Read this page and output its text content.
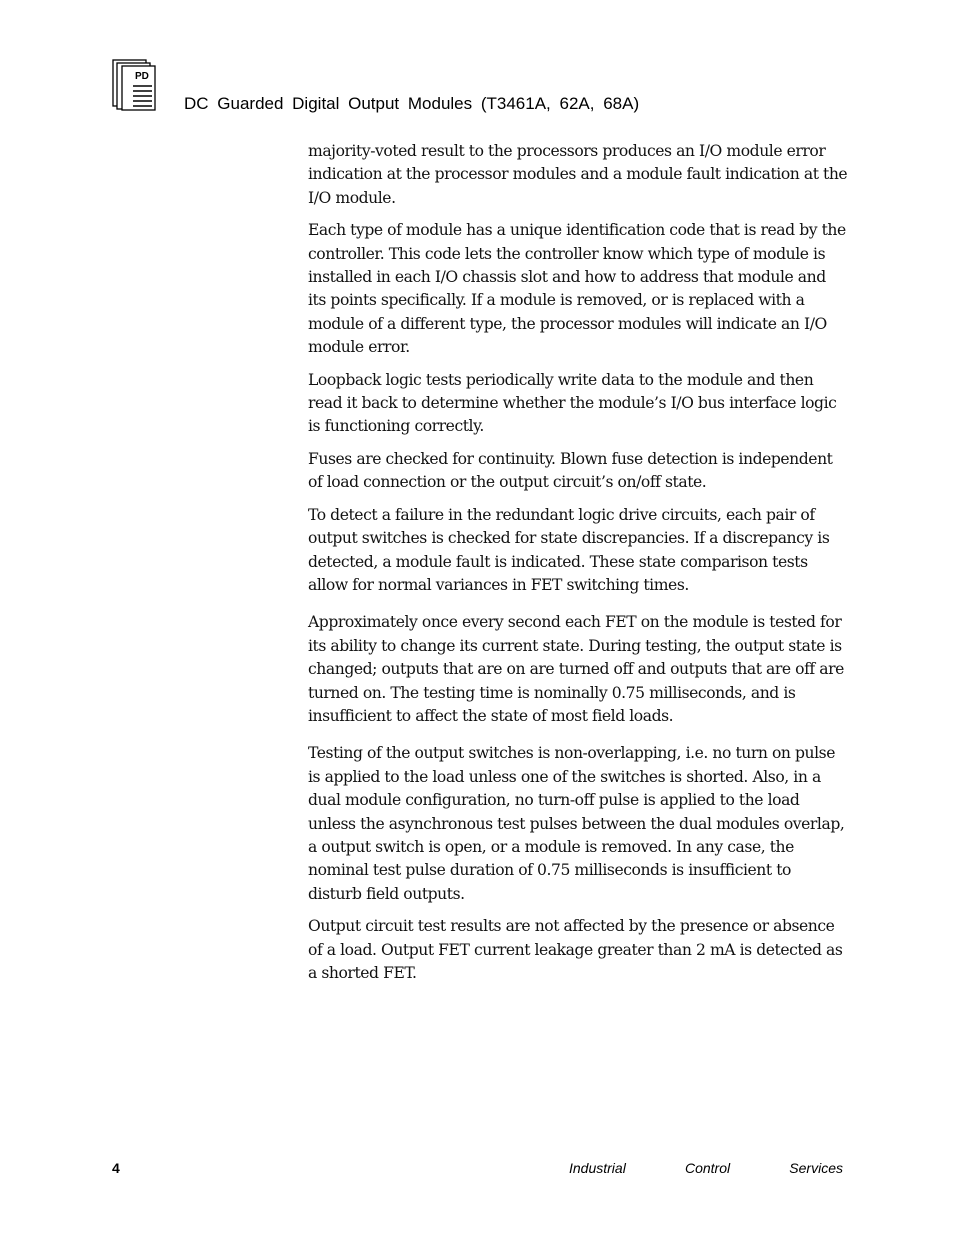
PD
DC Guarded Digital Output Modules (T3461A, 62A, 68A)

majority-voted result to the processors produces an I/O module error indication at the processor modules and a module fault indication at the I/O module.

Each type of module has a unique identification code that is read by the controller. This code lets the controller know which type of module is installed in each I/O chassis slot and how to address that module and its points specifically. If a module is removed, or is replaced with a module of a different type, the processor modules will indicate an I/O module error.

Loopback logic tests periodically write data to the module and then read it back to determine whether the module’s I/O bus interface logic is functioning correctly.

Fuses are checked for continuity. Blown fuse detection is independent of load connection or the output circuit’s on/off state.

To detect a failure in the redundant logic drive circuits, each pair of output switches is checked for state discrepancies. If a discrepancy is detected, a module fault is indicated. These state comparison tests allow for normal variances in FET switching times.

Approximately once every second each FET on the module is tested for its ability to change its current state. During testing, the output state is changed; outputs that are on are turned off and outputs that are off are turned on. The testing time is nominally 0.75 milliseconds, and is insufficient to affect the state of most field loads.

Testing of the output switches is non-overlapping, i.e. no turn on pulse is applied to the load unless one of the switches is shorted. Also, in a dual module configuration, no turn-off pulse is applied to the load unless the asynchronous test pulses between the dual modules overlap, a output switch is open, or a module is removed. In any case, the nominal test pulse duration of 0.75 milliseconds is insufficient to disturb field outputs.

Output circuit test results are not affected by the presence or absence of a load. Output FET current leakage greater than 2 mA is detected as a shorted FET.

4	Industrial	Control	Services
